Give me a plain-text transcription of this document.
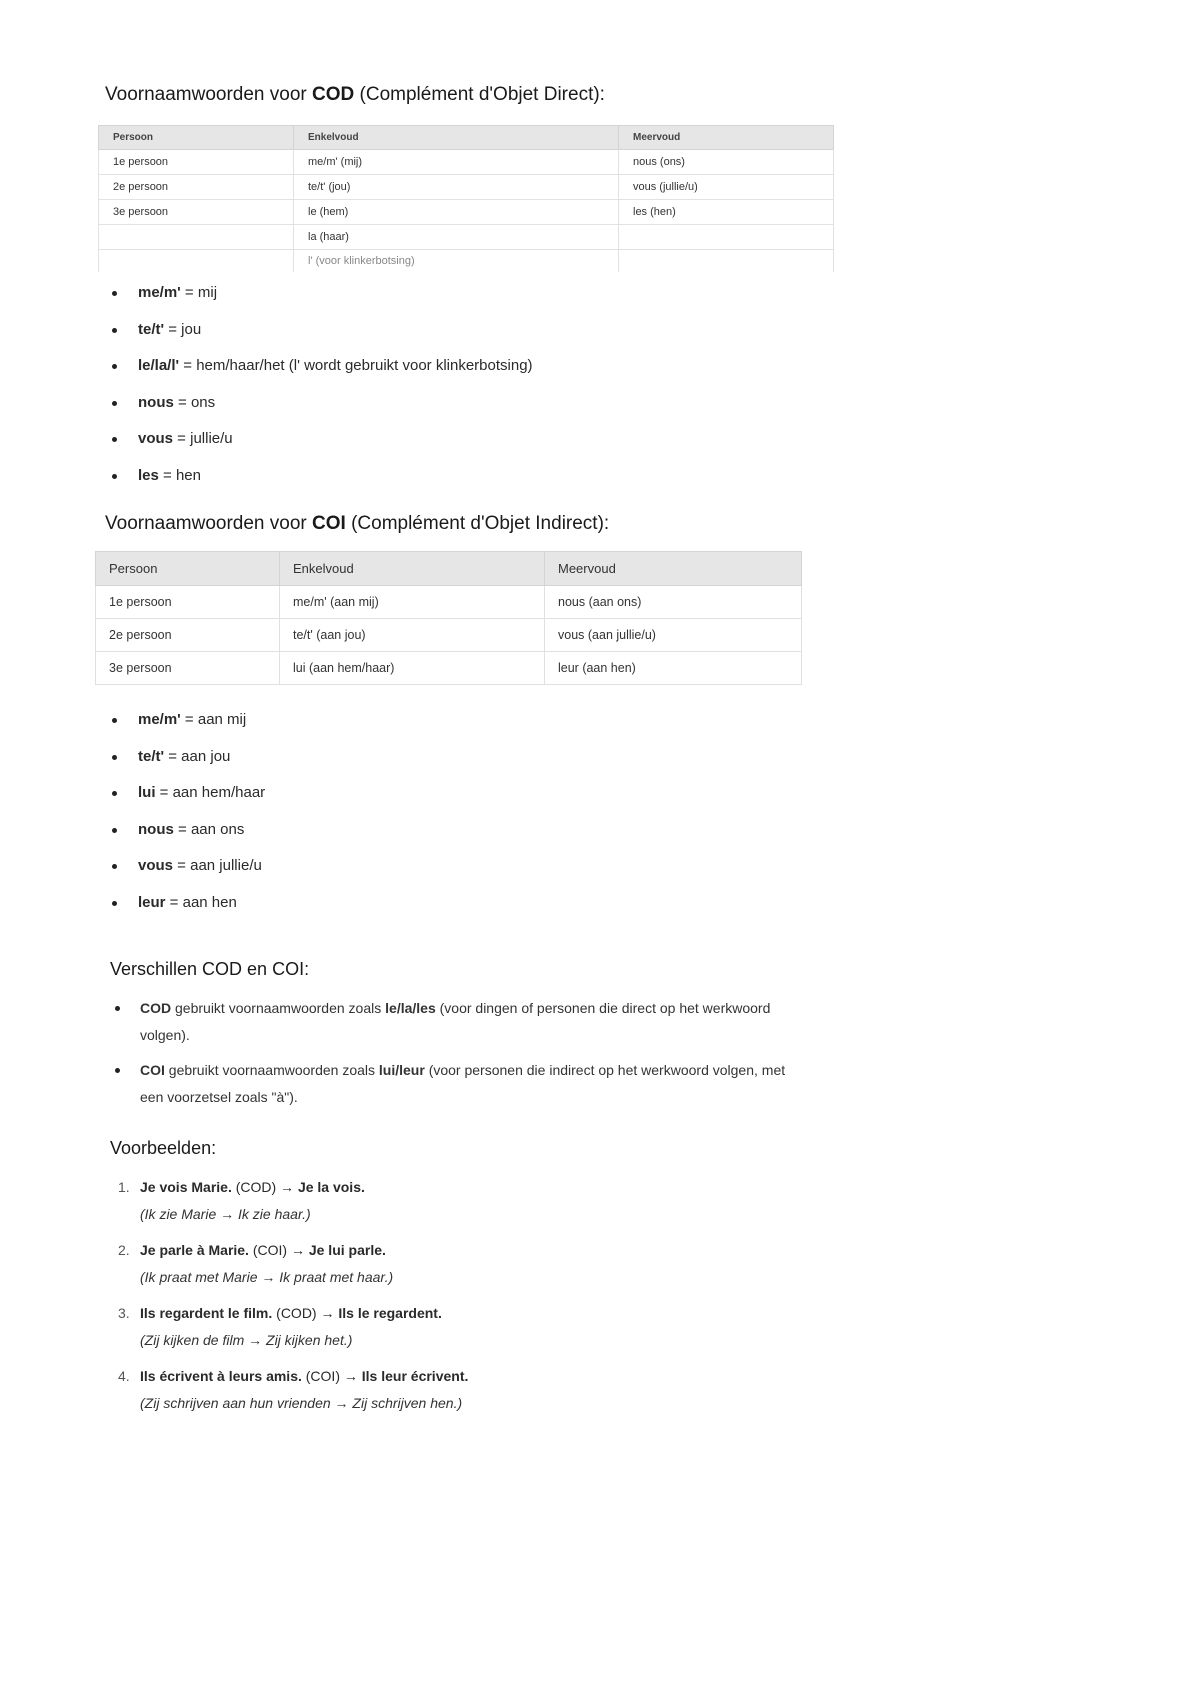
Voornaamwoorden voor COD (Complément d'Objet Direct):
Persoon	Enkelvoud	Meervoud
1e persoon	me/m' (mij)	nous (ons)
2e persoon	te/t' (jou)	vous (jullie/u)
3e persoon	le (hem)	les (hen)
	la (haar)	
	l' (voor klinkerbotsing)	
me/m' = mij
te/t' = jou
le/la/l' = hem/haar/het (l' wordt gebruikt voor klinkerbotsing)
nous = ons
vous = jullie/u
les = hen
Voornaamwoorden voor COI (Complément d'Objet Indirect):
Persoon	Enkelvoud	Meervoud
1e persoon	me/m' (aan mij)	nous (aan ons)
2e persoon	te/t' (aan jou)	vous (aan jullie/u)
3e persoon	lui (aan hem/haar)	leur (aan hen)
me/m' = aan mij
te/t' = aan jou
lui = aan hem/haar
nous = aan ons
vous = aan jullie/u
leur = aan hen
Verschillen COD en COI:
COD gebruikt voornaamwoorden zoals le/la/les (voor dingen of personen die direct op het werkwoord volgen).
COI gebruikt voornaamwoorden zoals lui/leur (voor personen die indirect op het werkwoord volgen, met een voorzetsel zoals "à").
Voorbeelden:
1. Je vois Marie. (COD) → Je la vois.
(Ik zie Marie → Ik zie haar.)
2. Je parle à Marie. (COI) → Je lui parle.
(Ik praat met Marie → Ik praat met haar.)
3. Ils regardent le film. (COD) → Ils le regardent.
(Zij kijken de film → Zij kijken het.)
4. Ils écrivent à leurs amis. (COI) → Ils leur écrivent.
(Zij schrijven aan hun vrienden → Zij schrijven hen.)
